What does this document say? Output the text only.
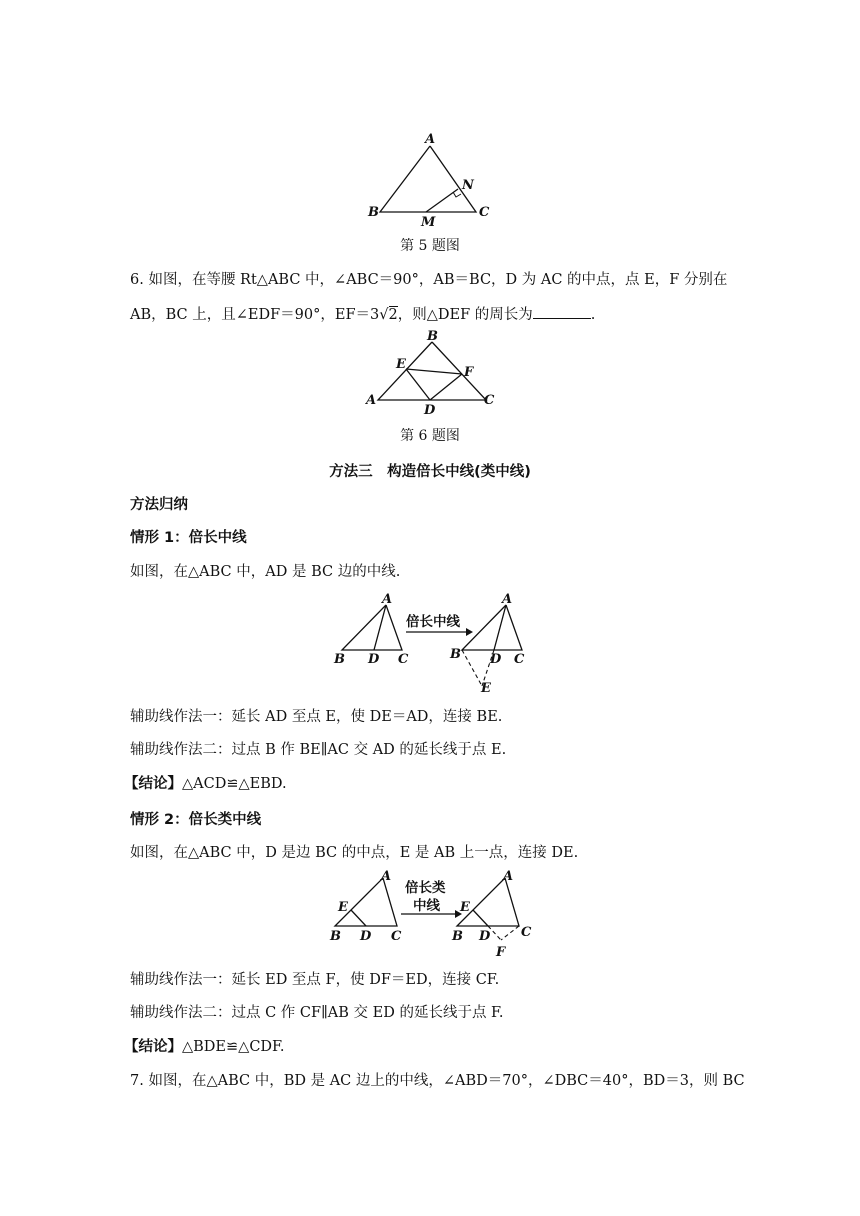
A
B	C
M
N
第 5 题图
6. 如图，在等腰 Rt△ABC 中，∠ABC＝90°，AB＝BC，D 为 AC 的中点，点 E，F 分别在
AB，BC 上，且∠EDF＝90°，EF＝3√2，则△DEF 的周长为	.
B
E
F
A	C
D
第 6 题图
方法三　构造倍长中线(类中线)
方法归纳
情形 1：倍长中线
如图，在△ABC 中，AD 是 BC 边的中线.
A
B D C
倍长中线
A
B D C
E
辅助线作法一：延长 AD 至点 E，使 DE＝AD，连接 BE.
辅助线作法二：过点 B 作 BE∥AC 交 AD 的延长线于点 E.
【结论】△ACD≌△EBD.
情形 2：倍长类中线
如图，在△ABC 中，D 是边 BC 的中点，E 是 AB 上一点，连接 DE.
A
E
B D C
倍长类
中线
A
E
B D C
F
辅助线作法一：延长 ED 至点 F，使 DF＝ED，连接 CF.
辅助线作法二：过点 C 作 CF∥AB 交 ED 的延长线于点 F.
【结论】△BDE≌△CDF.
7. 如图，在△ABC 中，BD 是 AC 边上的中线，∠ABD＝70°，∠DBC＝40°，BD＝3，则 BC
